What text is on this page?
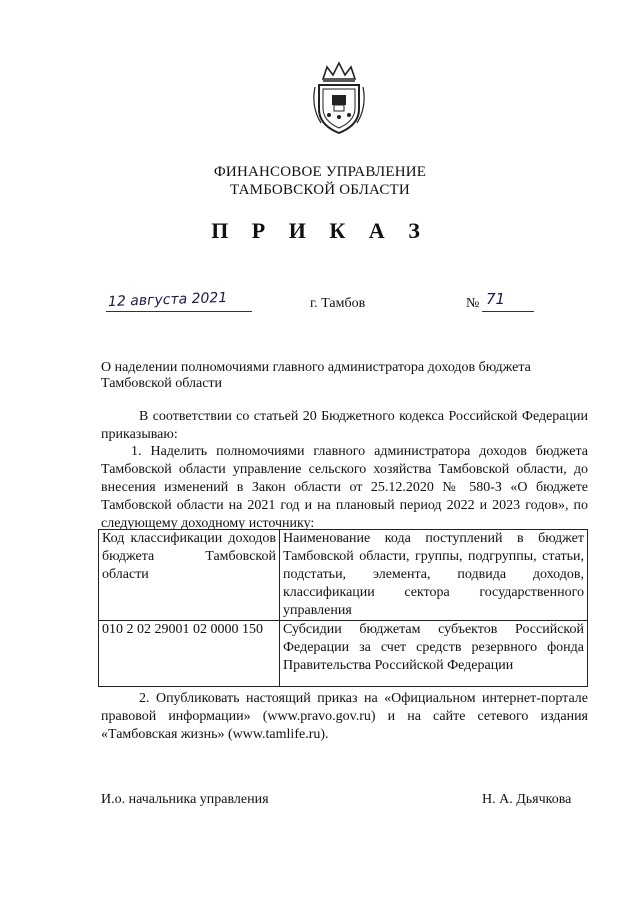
ФИНАНСОВОЕ УПРАВЛЕНИЕ
ТАМБОВСКОЙ ОБЛАСТИ
П Р И К А З
12 августа 2021	г. Тамбов	№ 71
О наделении полномочиями главного администратора доходов бюджета Тамбовской области
В соответствии со статьей 20 Бюджетного кодекса Российской Федерации приказываю:
1. Наделить полномочиями главного администратора доходов бюджета Тамбовской области управление сельского хозяйства Тамбовской области, до внесения изменений в Закон области от 25.12.2020 № 580-З «О бюджете Тамбовской области на 2021 год и на плановый период 2022 и 2023 годов», по следующему доходному источнику:
Код классификации доходов бюджета Тамбовской области	Наименование кода поступлений в бюджет Тамбовской области, группы, подгруппы, статьи, подстатьи, элемента, подвида доходов, классификации сектора государственного управления
010 2 02 29001 02 0000 150	Субсидии бюджетам субъектов Российской Федерации за счет средств резервного фонда Правительства Российской Федерации
2. Опубликовать настоящий приказ на «Официальном интернет-портале правовой информации» (www.pravo.gov.ru) и на сайте сетевого издания «Тамбовская жизнь» (www.tamlife.ru).
И.о. начальника управления	Н. А. Дьячкова
